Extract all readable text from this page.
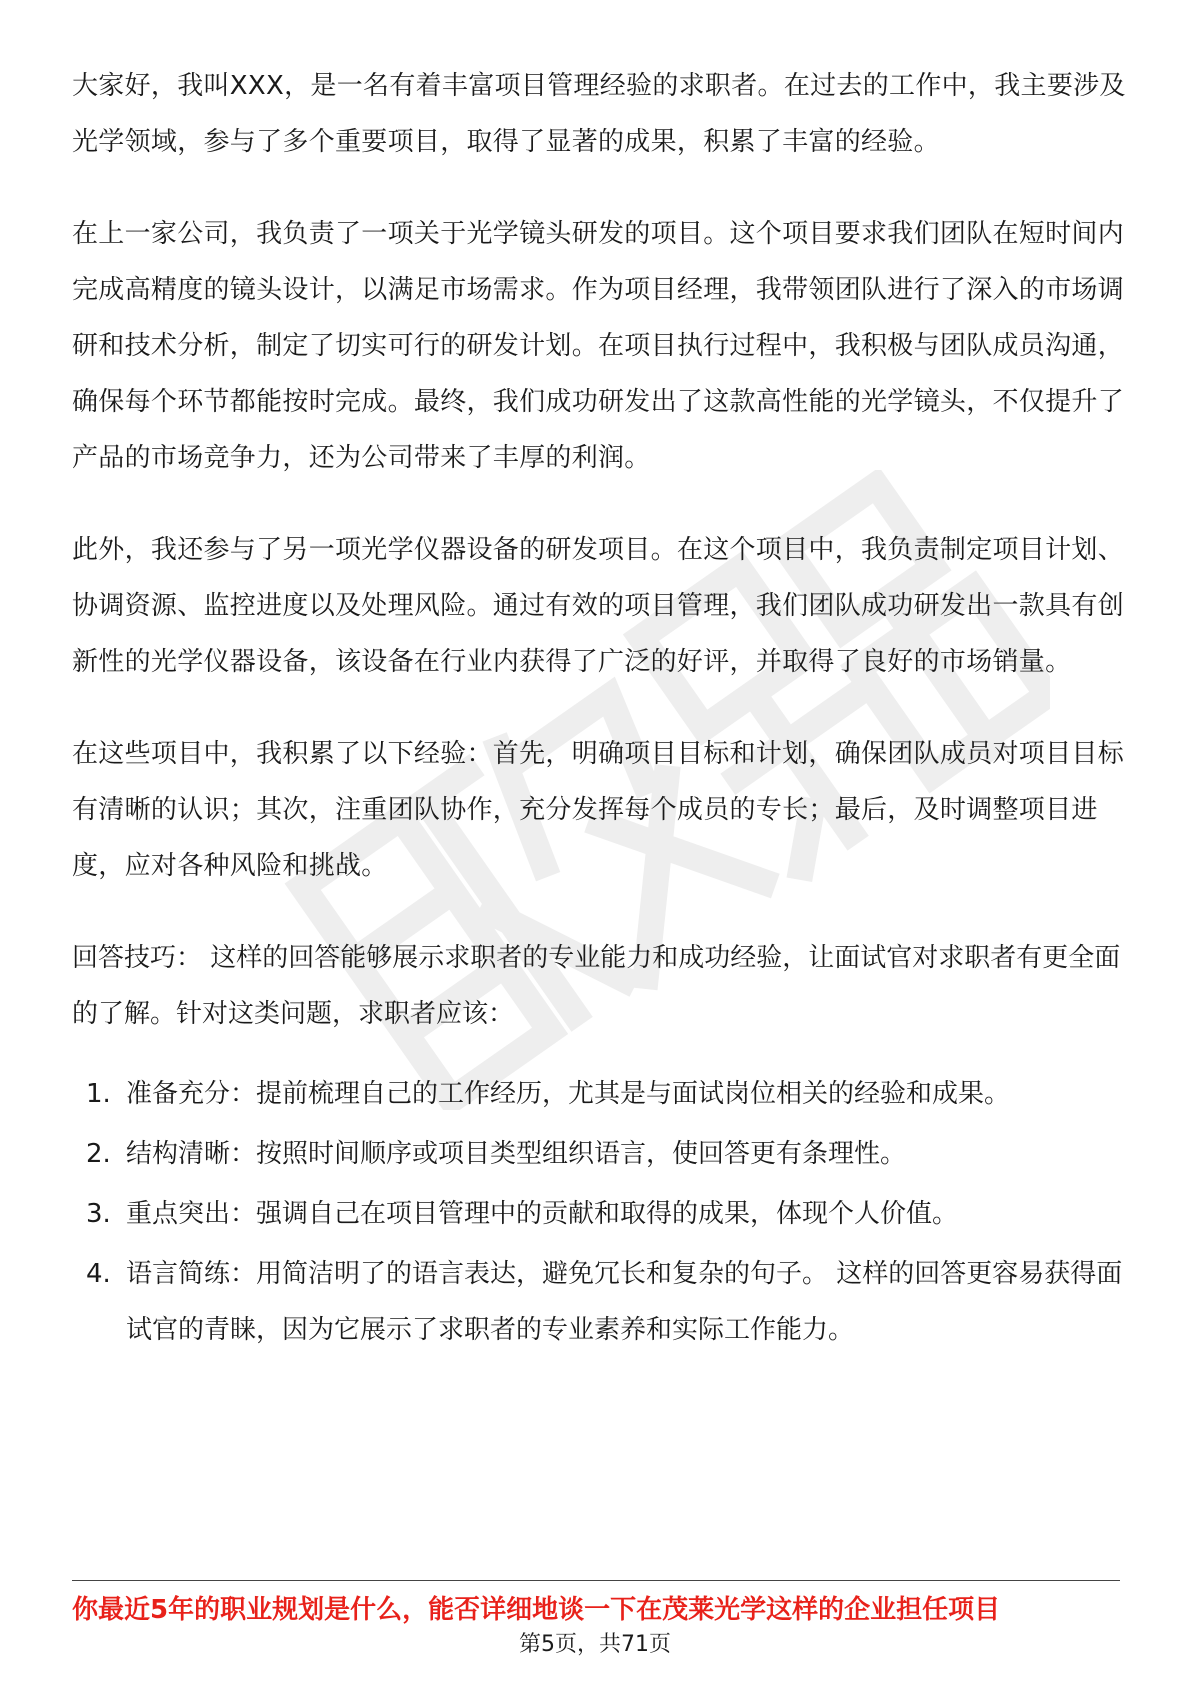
大家好，我叫XXX，是一名有着丰富项目管理经验的求职者。在过去的工作中，我主要涉及光学领域，参与了多个重要项目，取得了显著的成果，积累了丰富的经验。

在上一家公司，我负责了一项关于光学镜头研发的项目。这个项目要求我们团队在短时间内完成高精度的镜头设计，以满足市场需求。作为项目经理，我带领团队进行了深入的市场调研和技术分析，制定了切实可行的研发计划。在项目执行过程中，我积极与团队成员沟通，确保每个环节都能按时完成。最终，我们成功研发出了这款高性能的光学镜头，不仅提升了产品的市场竞争力，还为公司带来了丰厚的利润。

此外，我还参与了另一项光学仪器设备的研发项目。在这个项目中，我负责制定项目计划、协调资源、监控进度以及处理风险。通过有效的项目管理，我们团队成功研发出一款具有创新性的光学仪器设备，该设备在行业内获得了广泛的好评，并取得了良好的市场销量。

在这些项目中，我积累了以下经验：首先，明确项目目标和计划，确保团队成员对项目目标有清晰的认识；其次，注重团队协作，充分发挥每个成员的专长；最后，及时调整项目进度，应对各种风险和挑战。

回答技巧： 这样的回答能够展示求职者的专业能力和成功经验，让面试官对求职者有更全面的了解。针对这类问题，求职者应该：

1. 准备充分：提前梳理自己的工作经历，尤其是与面试岗位相关的经验和成果。
2. 结构清晰：按照时间顺序或项目类型组织语言，使回答更有条理性。
3. 重点突出：强调自己在项目管理中的贡献和取得的成果，体现个人价值。
4. 语言简练：用简洁明了的语言表达，避免冗长和复杂的句子。 这样的回答更容易获得面试官的青睐，因为它展示了求职者的专业素养和实际工作能力。
你最近5年的职业规划是什么，能否详细地谈一下在茂莱光学这样的企业担任项目
第5页，共71页
